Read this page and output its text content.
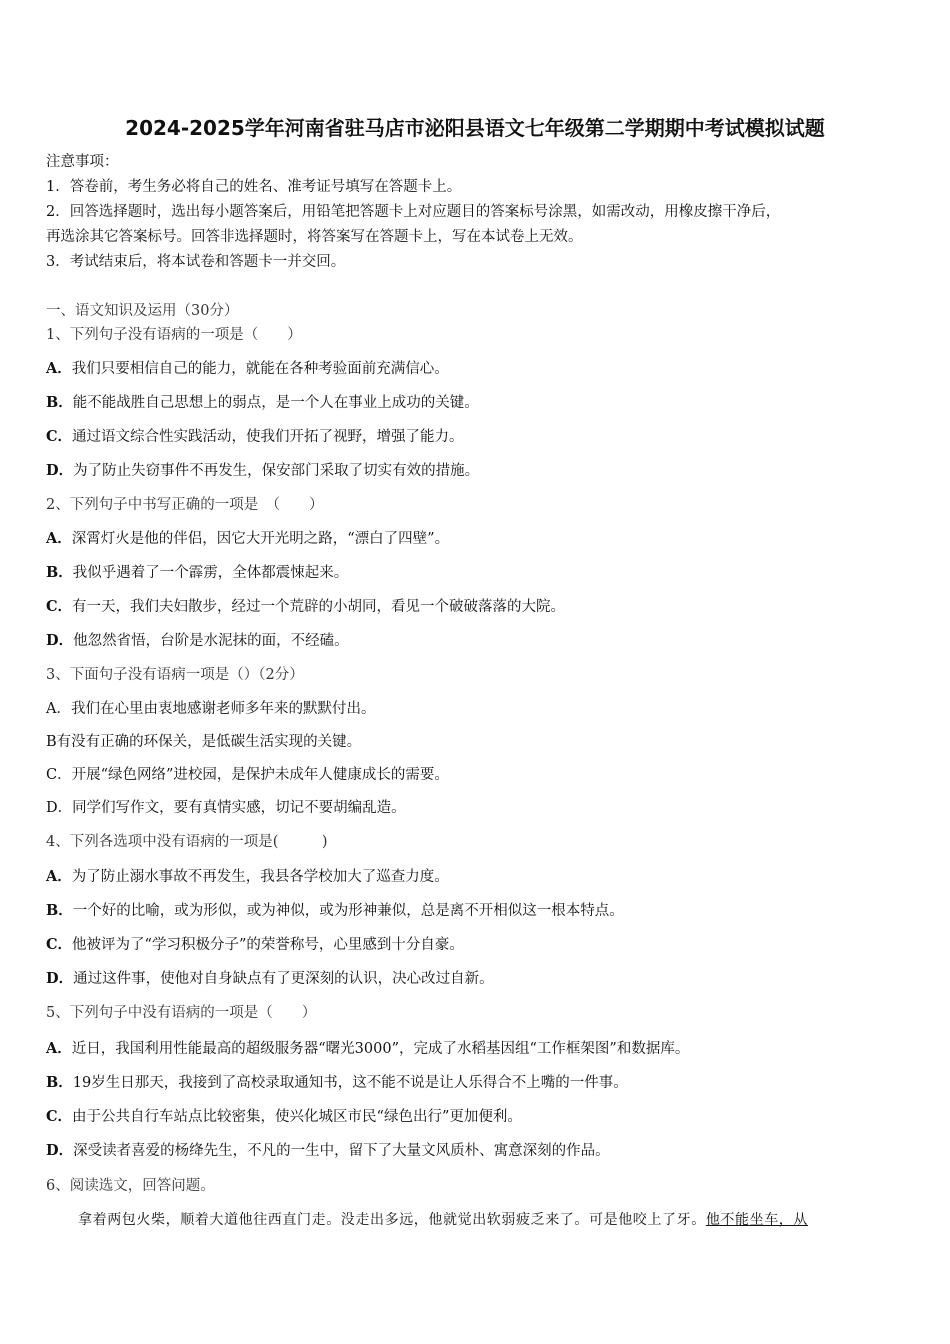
2024-2025学年河南省驻马店市泌阳县语文七年级第二学期期中考试模拟试题
注意事项：
1．答卷前，考生务必将自己的姓名、准考证号填写在答题卡上。
2．回答选择题时，选出每小题答案后，用铅笔把答题卡上对应题目的答案标号涂黑，如需改动，用橡皮擦干净后，
再选涂其它答案标号。回答非选择题时，将答案写在答题卡上，写在本试卷上无效。
3．考试结束后，将本试卷和答题卡一并交回。
一、语文知识及运用（30分）
1、下列句子没有语病的一项是（　　）
A．我们只要相信自己的能力，就能在各种考验面前充满信心。
B．能不能战胜自己思想上的弱点，是一个人在事业上成功的关键。
C．通过语文综合性实践活动，使我们开拓了视野，增强了能力。
D．为了防止失窃事件不再发生，保安部门采取了切实有效的措施。
2、下列句子中书写正确的一项是　（　　）
A．深霄灯火是他的伴侣，因它大开光明之路，“漂白了四壁”。
B．我似乎遇着了一个霹雳，全体都震悚起来。
C．有一天，我们夫妇散步，经过一个荒辟的小胡同，看见一个破破落落的大院。
D．他忽然省悟，台阶是水泥抹的面，不经磕。
3、下面句子没有语病一项是（）（2分）
A．我们在心里由衷地感谢老师多年来的默默付出。
B有没有正确的环保关，是低碳生活实现的关键。
C．开展“绿色网络”进校园，是保护未成年人健康成长的需要。
D．同学们写作文，要有真情实感，切记不要胡编乱造。
4、下列各选项中没有语病的一项是(　　　)
A．为了防止溺水事故不再发生，我县各学校加大了巡查力度。
B．一个好的比喻，或为形似，或为神似，或为形神兼似，总是离不开相似这一根本特点。
C．他被评为了“学习积极分子”的荣誉称号，心里感到十分自豪。
D．通过这件事，使他对自身缺点有了更深刻的认识，决心改过自新。
5、下列句子中没有语病的一项是（　　）
A．近日，我国利用性能最高的超级服务器“曙光3000”，完成了水稻基因组“工作框架图”和数据库。
B．19岁生日那天，我接到了高校录取通知书，这不能不说是让人乐得合不上嘴的一件事。
C．由于公共自行车站点比较密集，使兴化城区市民“绿色出行”更加便利。
D．深受读者喜爱的杨绛先生，不凡的一生中，留下了大量文风质朴、寓意深刻的作品。
6、阅读选文，回答问题。
拿着两包火柴，顺着大道他往西直门走。没走出多远，他就觉出软弱疲乏来了。可是他咬上了牙。他不能坐车，从
